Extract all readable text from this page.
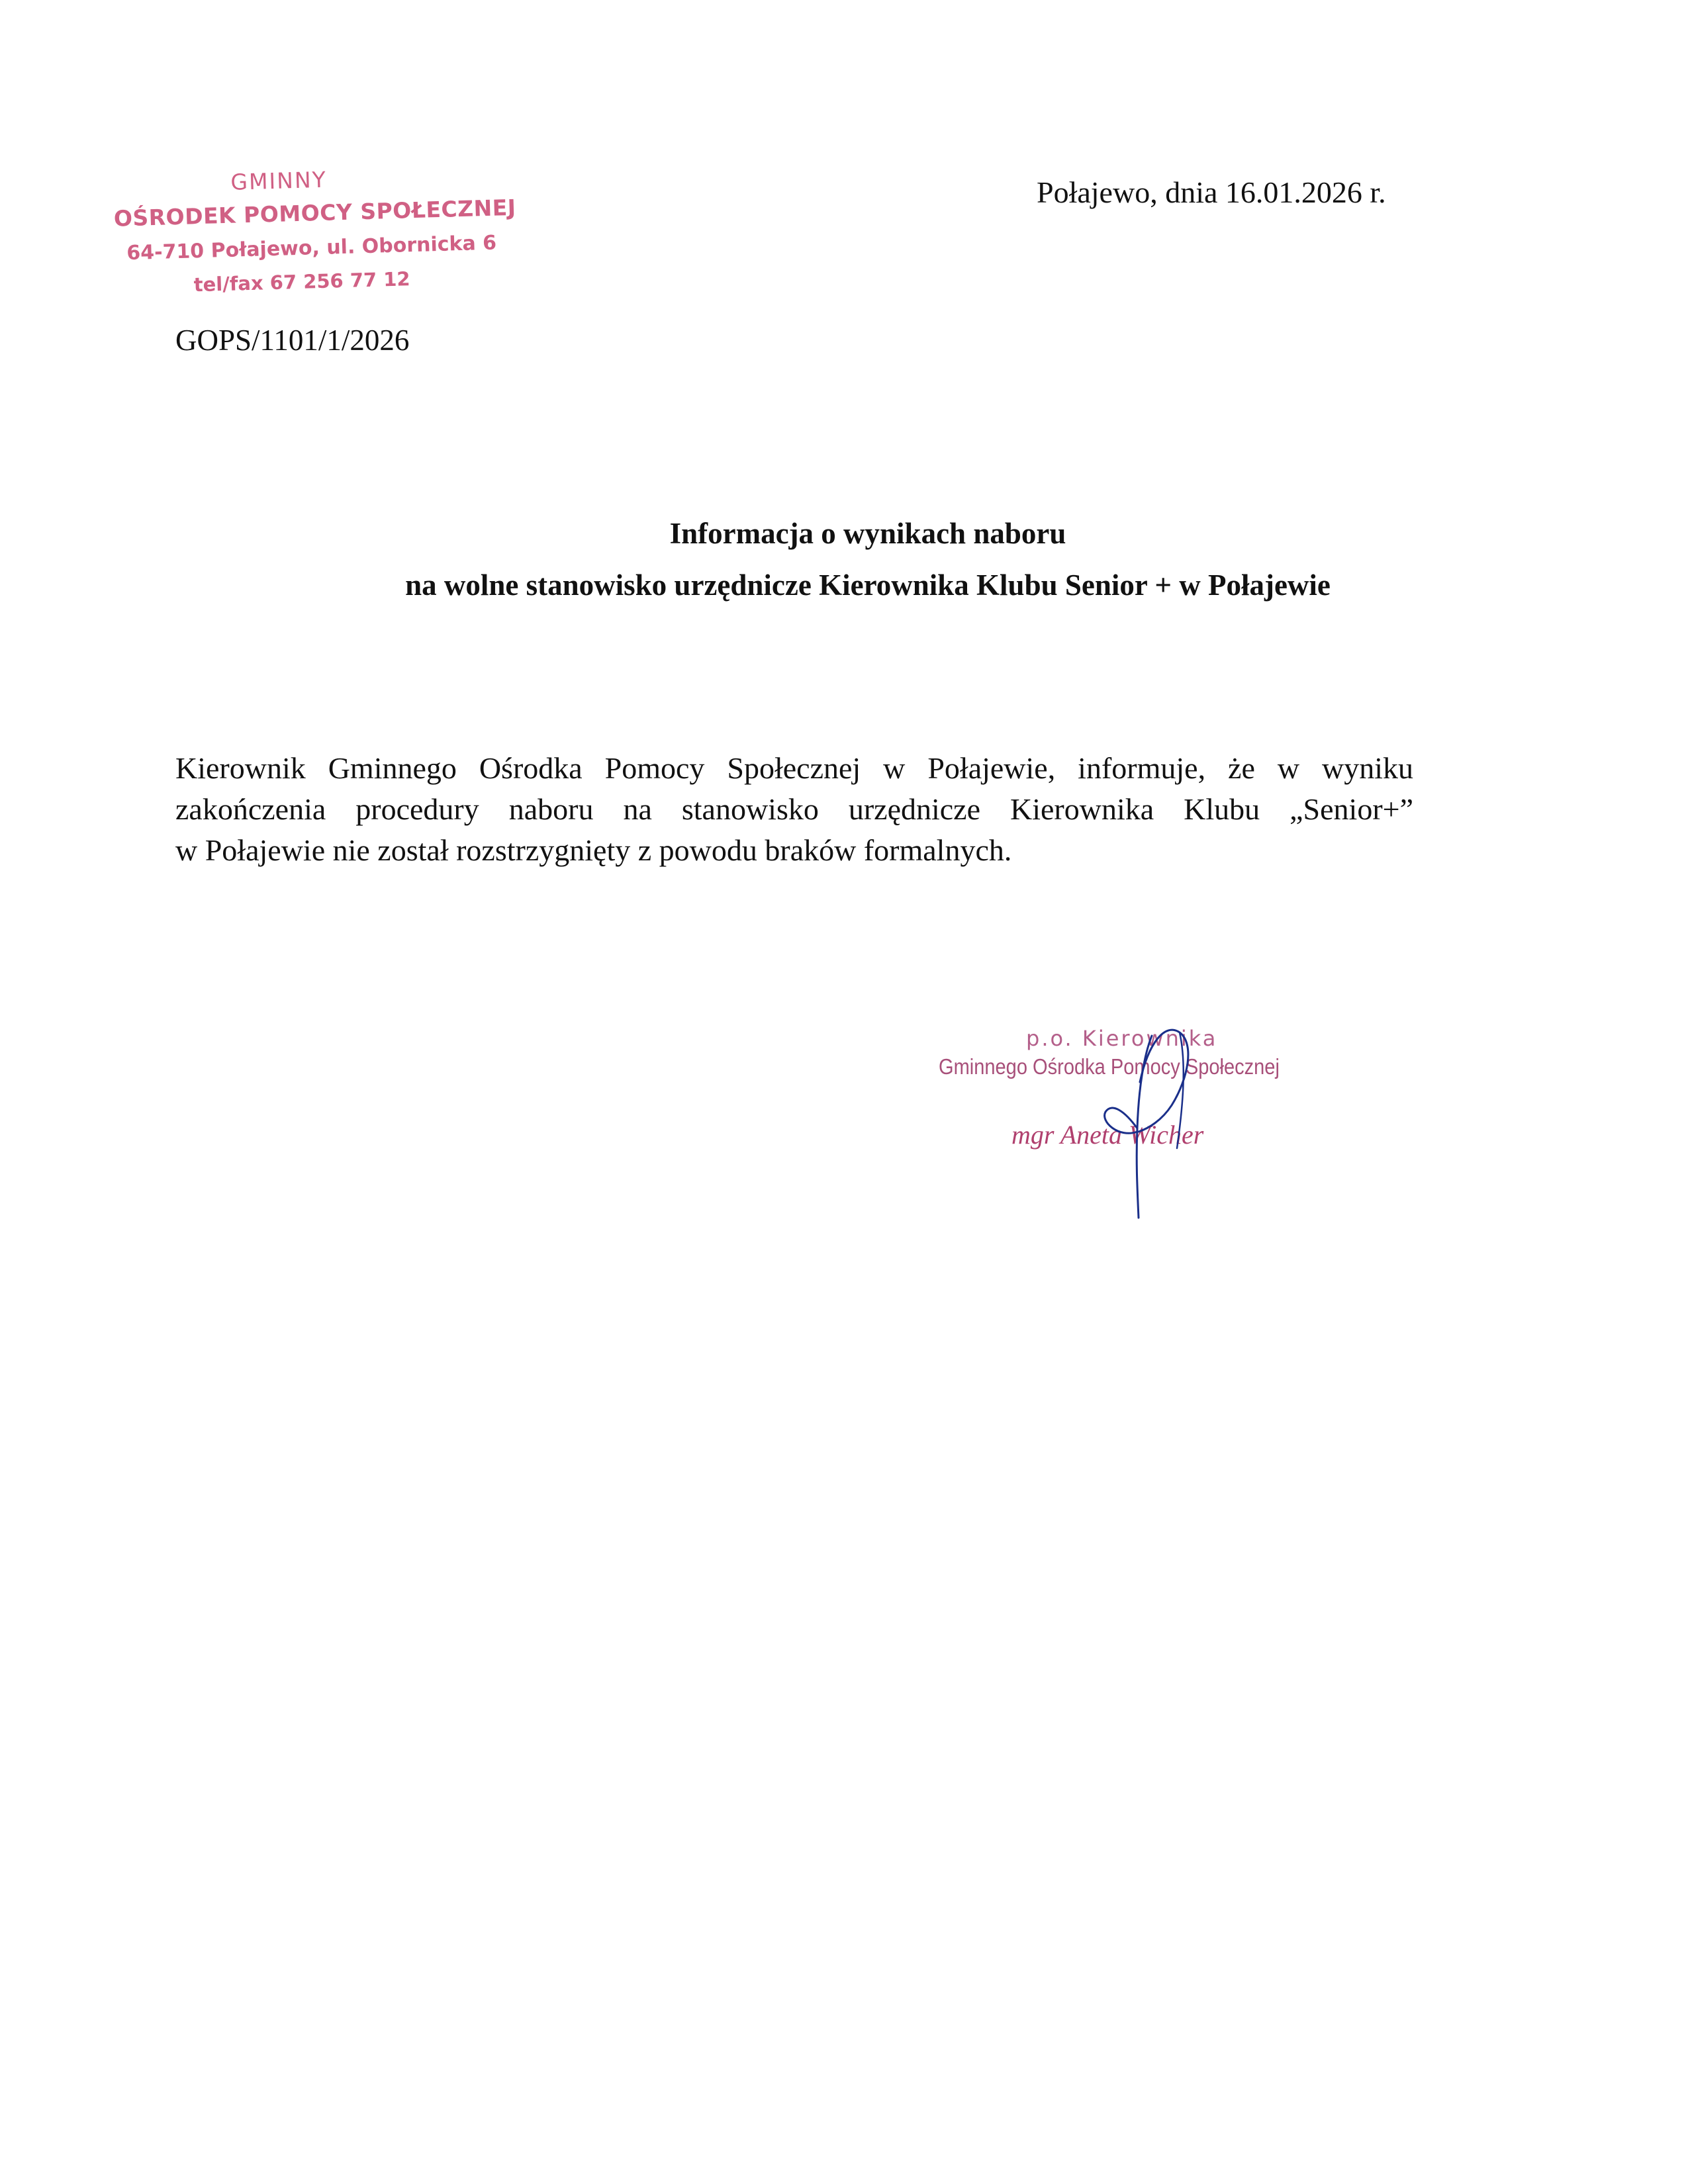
GMINNY
OŚRODEK POMOCY SPOŁECZNEJ
64-710 Połajewo, ul. Obornicka 6
tel/fax 67 256 77 12
Połajewo, dnia 16.01.2026 r.
GOPS/1101/1/2026
Informacja o wynikach naboru
na wolne stanowisko urzędnicze Kierownika Klubu Senior + w Połajewie
Kierownik Gminnego Ośrodka Pomocy Społecznej w Połajewie, informuje, że w wyniku
zakończenia procedury naboru na stanowisko urzędnicze Kierownika Klubu „Senior+”
w Połajewie nie został rozstrzygnięty z powodu braków formalnych.
p.o. Kierownika
Gminnego Ośrodka Pomocy Społecznej
mgr Aneta Wicher
